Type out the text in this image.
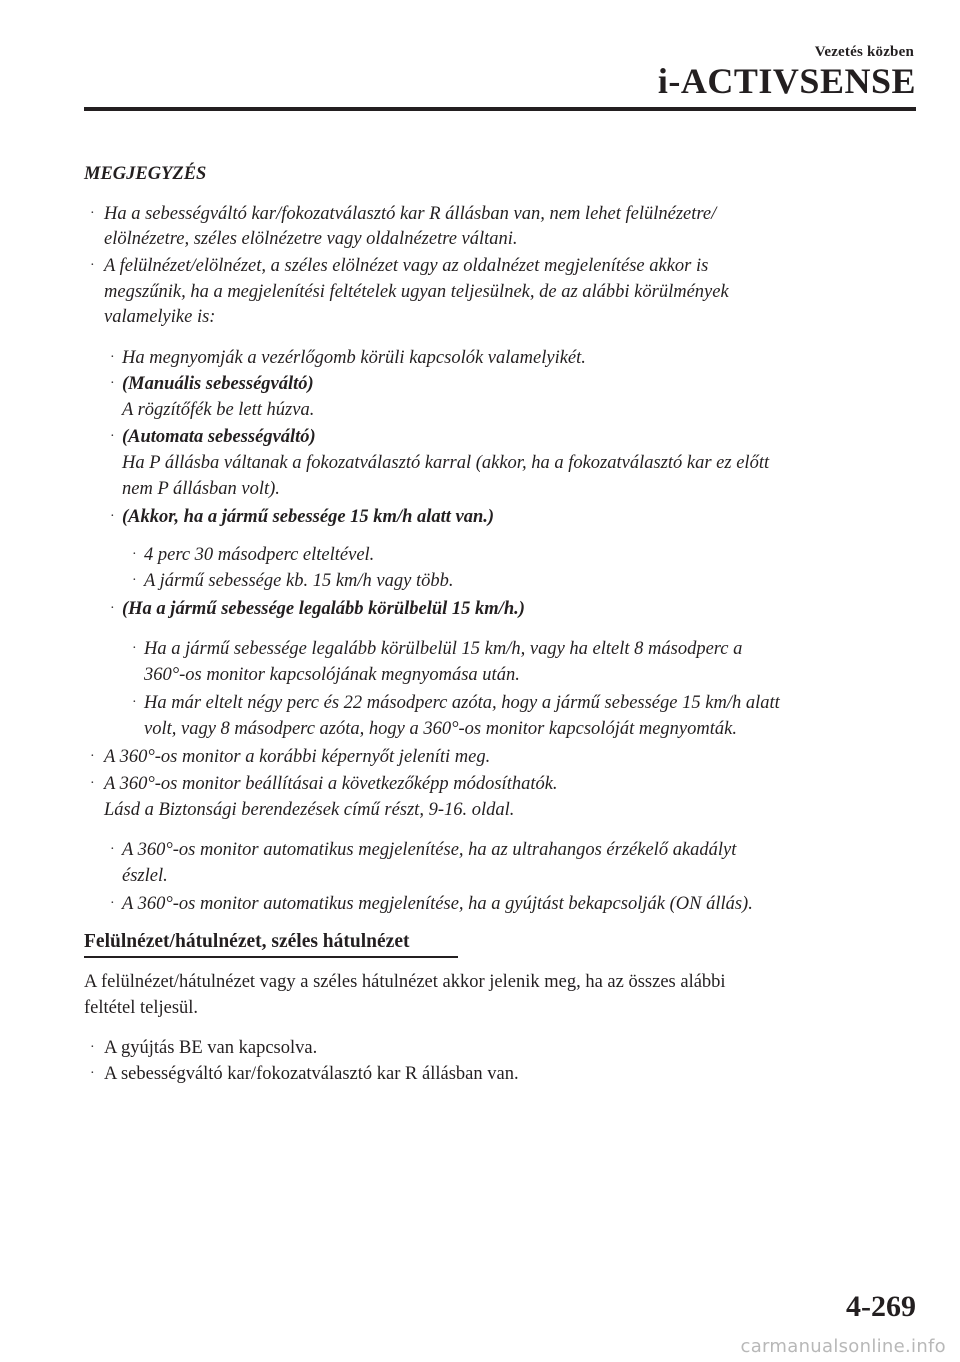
Vezetés közben
i-ACTIVSENSE
MEGJEGYZÉS
· Ha a sebességváltó kar/fokozatválasztó kar R állásban van, nem lehet felülnézetre/
elölnézetre, széles elölnézetre vagy oldalnézetre váltani.
· A felülnézet/elölnézet, a széles elölnézet vagy az oldalnézet megjelenítése akkor is
megszűnik, ha a megjelenítési feltételek ugyan teljesülnek, de az alábbi körülmények
valamelyike is:
· Ha megnyomják a vezérlőgomb körüli kapcsolók valamelyikét.
· (Manuális sebességváltó)
A rögzítőfék be lett húzva.
· (Automata sebességváltó)
Ha P állásba váltanak a fokozatválasztó karral (akkor, ha a fokozatválasztó kar ez előtt
nem P állásban volt).
· (Akkor, ha a jármű sebessége 15 km/h alatt van.)
· 4 perc 30 másodperc elteltével.
· A jármű sebessége kb. 15 km/h vagy több.
· (Ha a jármű sebessége legalább körülbelül 15 km/h.)
· Ha a jármű sebessége legalább körülbelül 15 km/h, vagy ha eltelt 8 másodperc a
360°-os monitor kapcsolójának megnyomása után.
· Ha már eltelt négy perc és 22 másodperc azóta, hogy a jármű sebessége 15 km/h alatt
volt, vagy 8 másodperc azóta, hogy a 360°-os monitor kapcsolóját megnyomták.
· A 360°-os monitor a korábbi képernyőt jeleníti meg.
· A 360°-os monitor beállításai a következőképp módosíthatók.
Lásd a Biztonsági berendezések című részt, 9-16. oldal.
· A 360°-os monitor automatikus megjelenítése, ha az ultrahangos érzékelő akadályt
észlel.
· A 360°-os monitor automatikus megjelenítése, ha a gyújtást bekapcsolják (ON állás).
Felülnézet/hátulnézet, széles hátulnézet
A felülnézet/hátulnézet vagy a széles hátulnézet akkor jelenik meg, ha az összes alábbi
feltétel teljesül.
· A gyújtás BE van kapcsolva.
· A sebességváltó kar/fokozatválasztó kar R állásban van.
4-269
carmanualsonline.info
